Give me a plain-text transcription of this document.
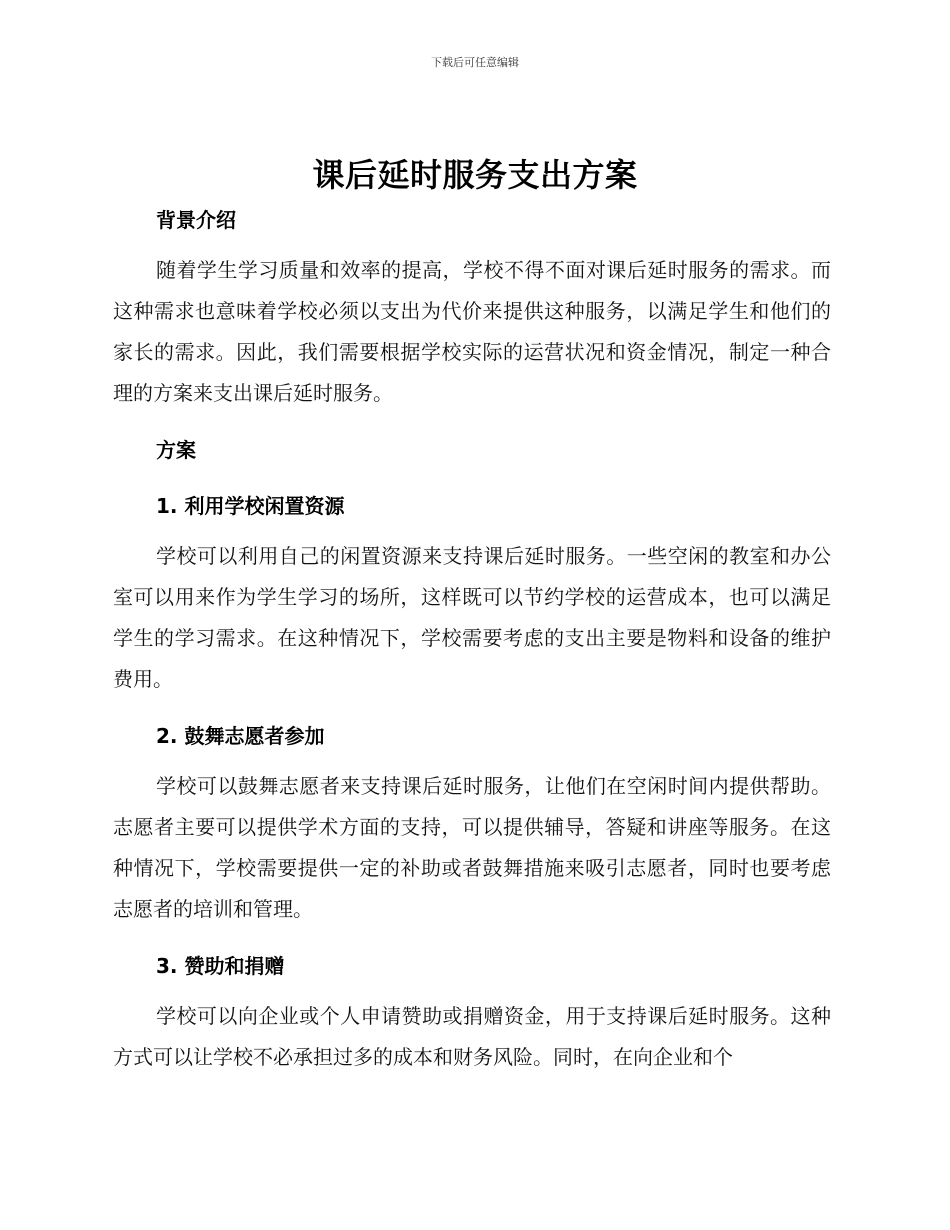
下载后可任意编辑
课后延时服务支出方案
背景介绍

随着学生学习质量和效率的提高，学校不得不面对课后延时服务的需求。而这种需求也意味着学校必须以支出为代价来提供这种服务，以满足学生和他们的家长的需求。因此，我们需要根据学校实际的运营状况和资金情况，制定一种合理的方案来支出课后延时服务。

方案
1. 利用学校闲置资源

学校可以利用自己的闲置资源来支持课后延时服务。一些空闲的教室和办公室可以用来作为学生学习的场所，这样既可以节约学校的运营成本，也可以满足学生的学习需求。在这种情况下，学校需要考虑的支出主要是物料和设备的维护费用。

2. 鼓舞志愿者参加

学校可以鼓舞志愿者来支持课后延时服务，让他们在空闲时间内提供帮助。志愿者主要可以提供学术方面的支持，可以提供辅导，答疑和讲座等服务。在这种情况下，学校需要提供一定的补助或者鼓舞措施来吸引志愿者，同时也要考虑志愿者的培训和管理。

3. 赞助和捐赠

学校可以向企业或个人申请赞助或捐赠资金，用于支持课后延时服务。这种方式可以让学校不必承担过多的成本和财务风险。同时，在向企业和个
